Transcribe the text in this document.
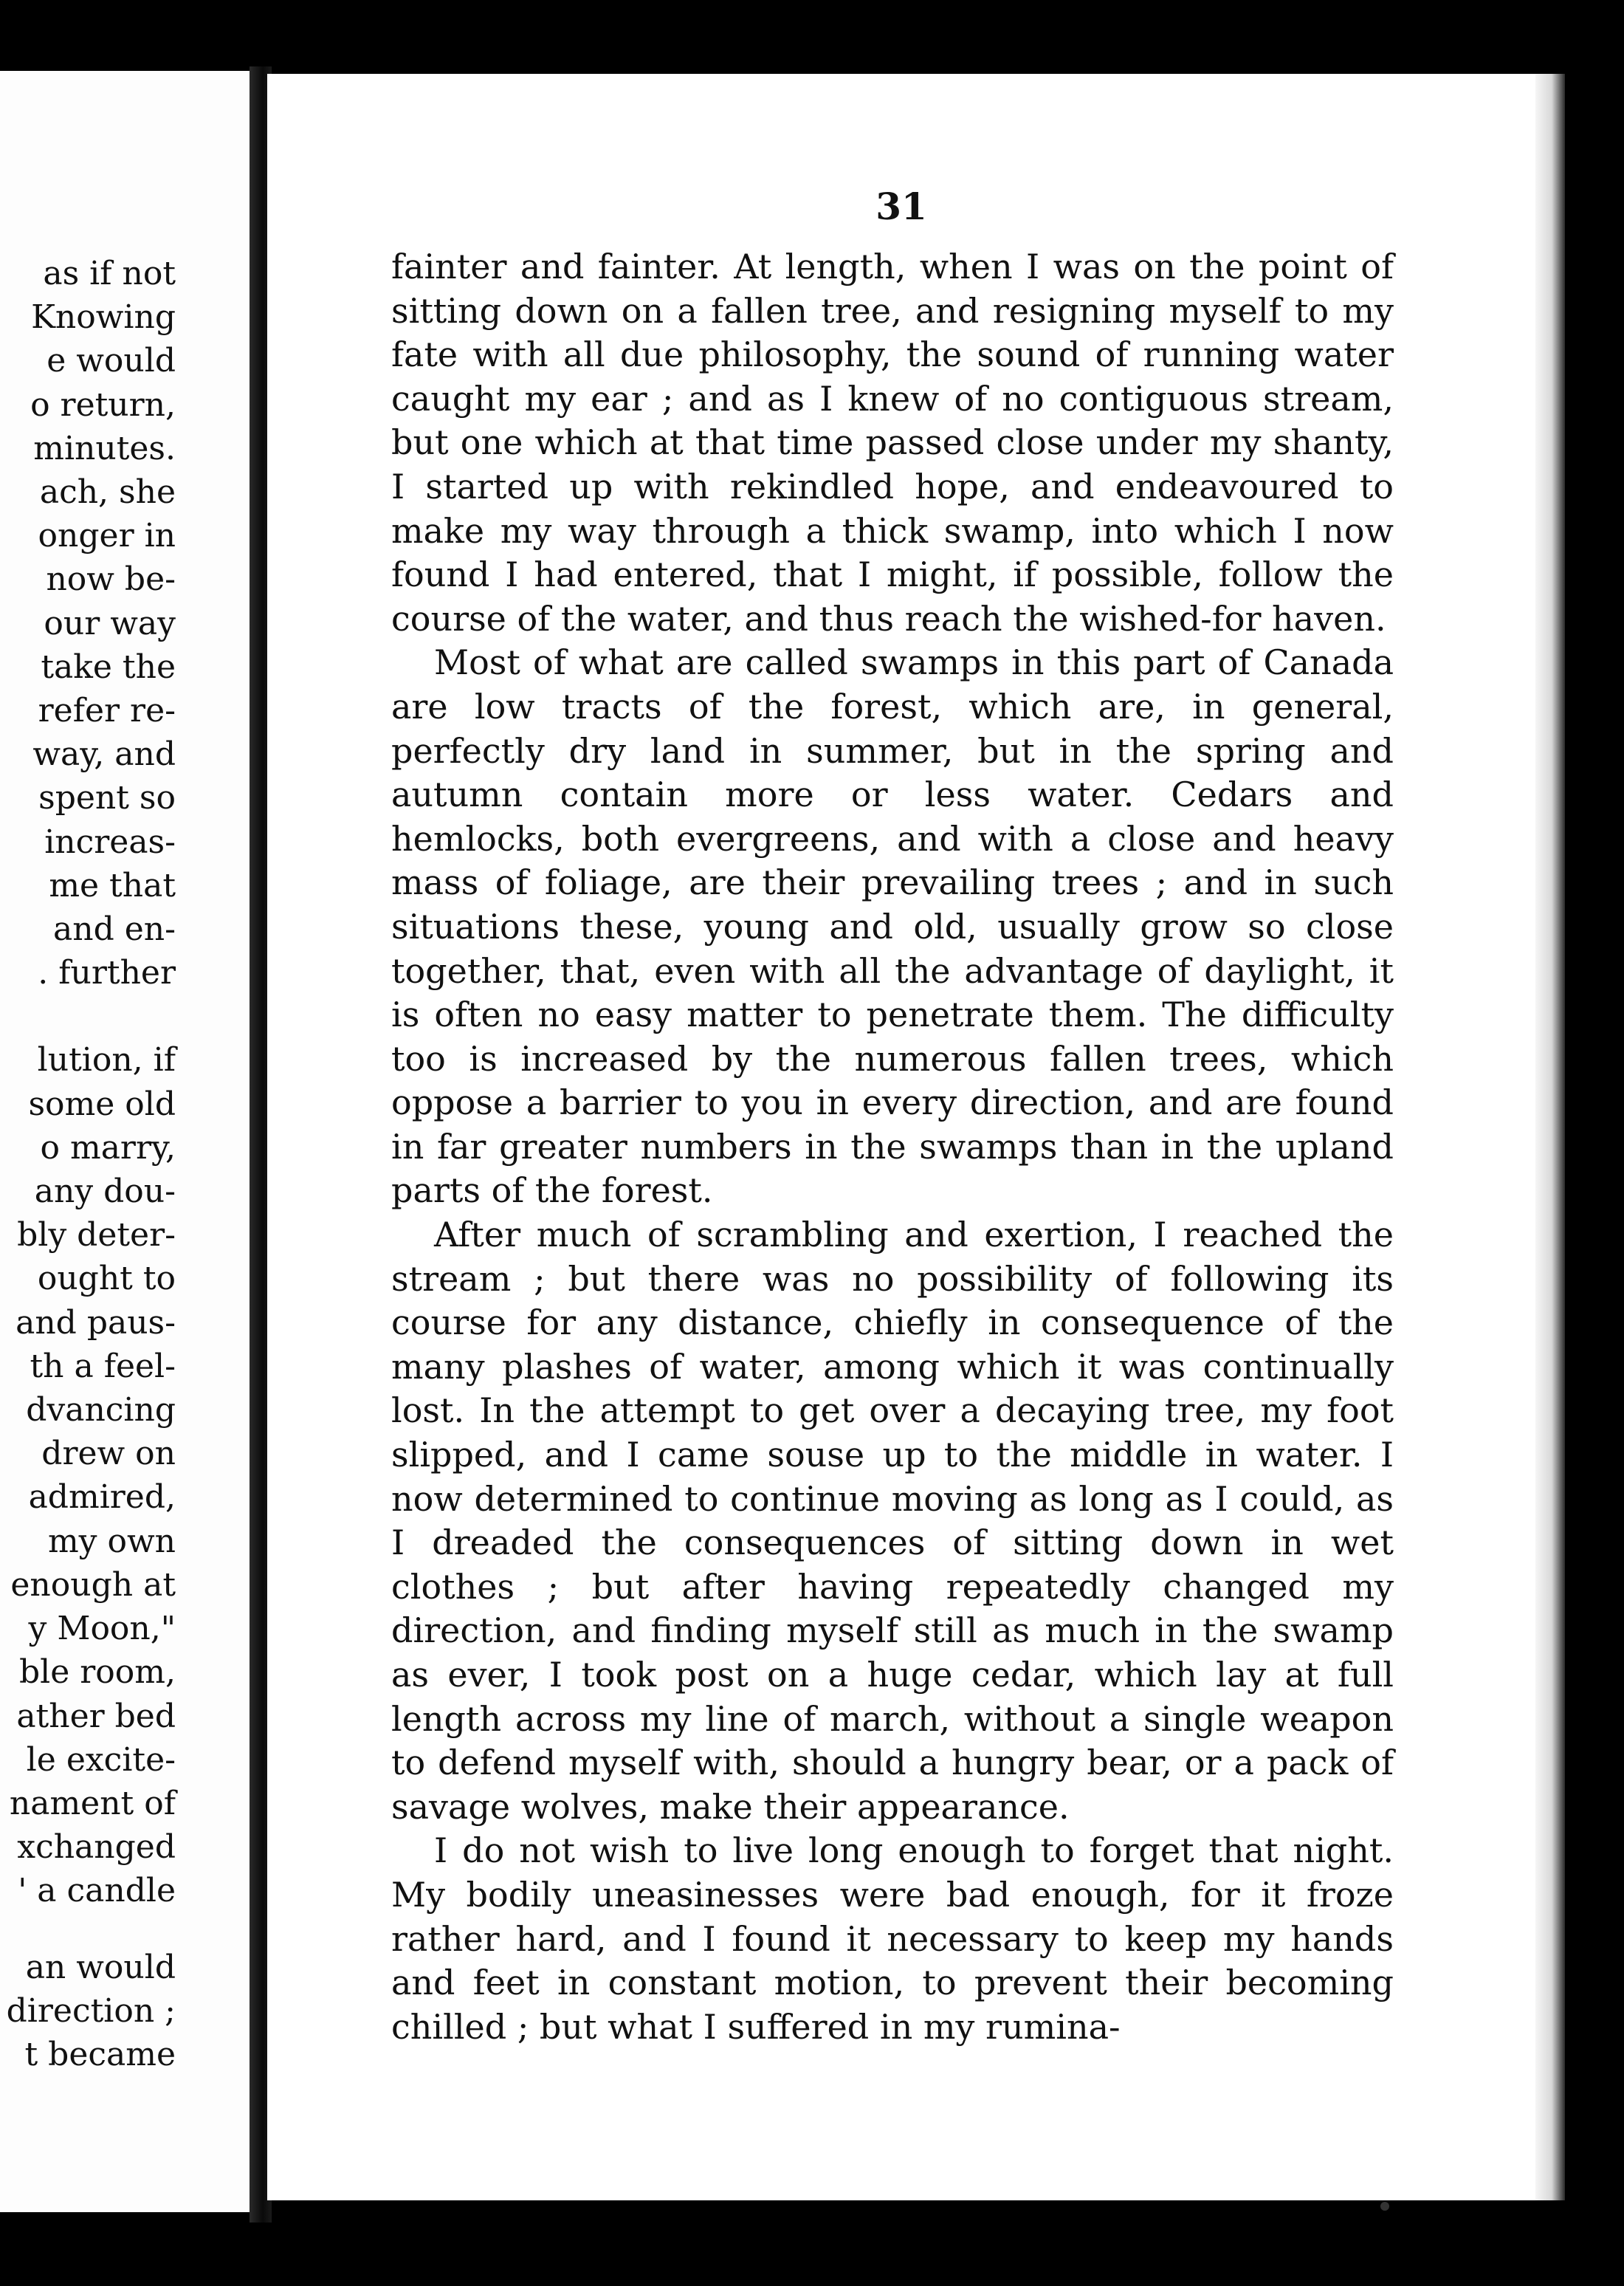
as if not
Knowing
e would
o return,
minutes.
ach, she
onger in
now be-
our way
take the
refer re-
way, and
spent so
increas-
me that
and en-
. further
lution, if
some old
o marry,
any dou-
bly deter-
ought to
and paus-
th a feel-
dvancing
drew on
admired,
my own
enough at
y Moon,"
ble room,
ather bed
le excite-
nament of
xchanged
' a candle
an would
direction ;
t became
31

fainter and fainter. At length, when I was on the point of sitting down on a fallen tree, and resigning myself to my fate with all due philosophy, the sound of running water caught my ear ; and as I knew of no contiguous stream, but one which at that time passed close under my shanty, I started up with rekindled hope, and endeavoured to make my way through a thick swamp, into which I now found I had entered, that I might, if possible, follow the course of the water, and thus reach the wished-for haven.

Most of what are called swamps in this part of Canada are low tracts of the forest, which are, in general, perfectly dry land in summer, but in the spring and autumn contain more or less water. Cedars and hemlocks, both evergreens, and with a close and heavy mass of foliage, are their prevailing trees ; and in such situations these, young and old, usually grow so close together, that, even with all the advantage of daylight, it is often no easy matter to penetrate them. The difficulty too is increased by the numerous fallen trees, which oppose a barrier to you in every direction, and are found in far greater numbers in the swamps than in the upland parts of the forest.

After much of scrambling and exertion, I reached the stream ; but there was no possibility of following its course for any distance, chiefly in consequence of the many plashes of water, among which it was continually lost. In the attempt to get over a decaying tree, my foot slipped, and I came souse up to the middle in water. I now determined to continue moving as long as I could, as I dreaded the consequences of sitting down in wet clothes ; but after having repeatedly changed my direction, and finding myself still as much in the swamp as ever, I took post on a huge cedar, which lay at full length across my line of march, without a single weapon to defend myself with, should a hungry bear, or a pack of savage wolves, make their appearance.

I do not wish to live long enough to forget that night. My bodily uneasinesses were bad enough, for it froze rather hard, and I found it necessary to keep my hands and feet in constant motion, to prevent their becoming chilled ; but what I suffered in my rumina-
